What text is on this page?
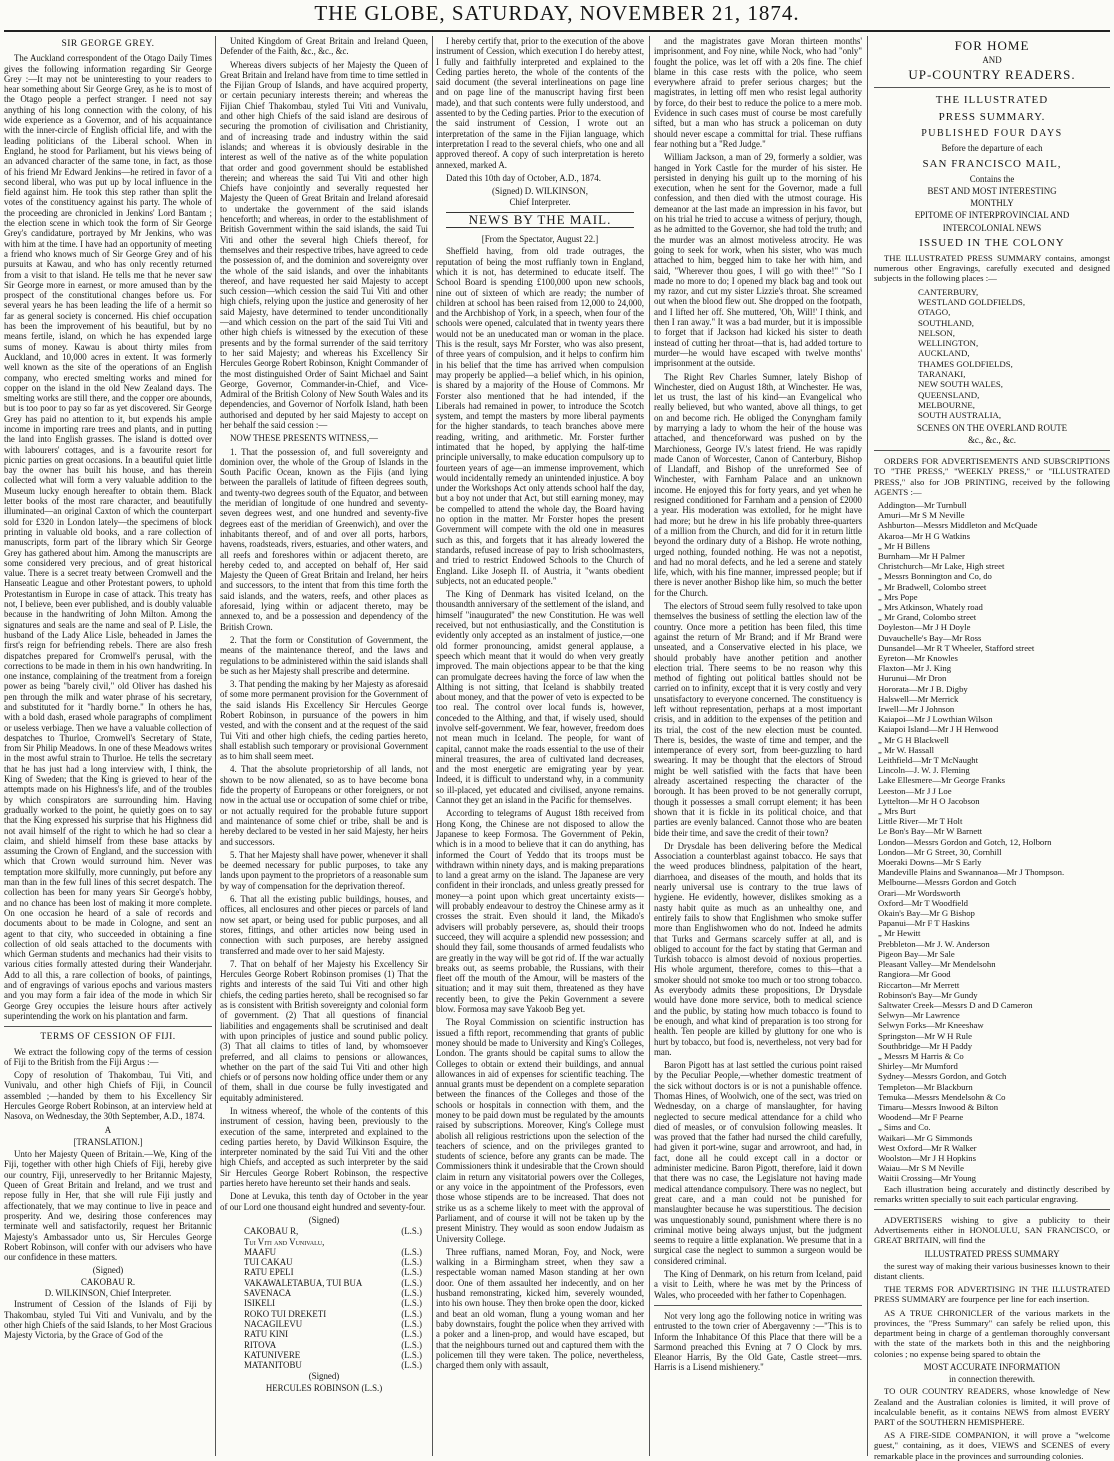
THE GLOBE, SATURDAY, NOVEMBER 21, 1874.
SIR GEORGE GREY.

The Auckland correspondent of the Otago Daily Times gives the following information regarding Sir George Grey :—It may not be uninteresting to your readers to hear something about Sir George Grey, as he is to most of the Otago people a perfect stranger. I need not say anything of his long connection with the colony, of his wide experience as a Governor, and of his acquaintance with the inner-circle of English official life, and with the leading politicians of the Liberal school. When in England, he stood for Parliament, but his views being of an advanced character of the same tone, in fact, as those of his friend Mr Edward Jenkins—he retired in favor of a second liberal, who was put up by local influence in the field against him. He took this step rather than split the votes of the constituency against his party. The whole of the proceeding are chronicled in Jenkins' Lord Bantam ; the election scene in which took the form of Sir George Grey's candidature, portrayed by Mr Jenkins, who was with him at the time. I have had an opportunity of meeting a friend who knows much of Sir George Grey and of his pursuits at Kawau, and who has only recently returned from a visit to that island. He tells me that he never saw Sir George more in earnest, or more amused than by the prospect of the constitutional changes before us. For several years he has been leading the life of a hermit so far as general society is concerned. His chief occupation has been the improvement of his beautiful, but by no means fertile, island, on which he has expended large sums of money. Kawau is about thirty miles from Auckland, and 10,000 acres in extent. It was formerly well known as the site of the operations of an English company, who erected smelting works and mined for copper on the island in the old New Zealand days. The smelting works are still there, and the copper ore abounds, but is too poor to pay so far as yet discovered. Sir George Grey has paid no attention to it, but expends his ample income in importing rare trees and plants, and in putting the land into English grasses. The island is dotted over with labourers' cottages, and is a favourite resort for picnic parties on great occasions. In a beautiful quiet little bay the owner has built his house, and has therein collected what will form a very valuable addition to the Museum lucky enough hereafter to obtain them. Black letter books of the most rare character, and beautifully illuminated—an original Caxton of which the counterpart sold for £320 in London lately—the specimens of block printing in valuable old books, and a rare collection of manuscripts, form part of the library which Sir George Grey has gathered about him. Among the manuscripts are some considered very precious, and of great historical value. There is a secret treaty between Cromwell and the Hanseatic League and other Protestant powers, to uphold Protestantism in Europe in case of attack. This treaty has not, I believe, been ever published, and is doubly valuable because in the handwriting of John Milton. Among the signatures and seals are the name and seal of P. Lisle, the husband of the Lady Alice Lisle, beheaded in James the first's reign for befriending rebels. There are also fresh dispatches prepared for Cromwell's perusal, with the corrections to be made in them in his own handwriting. In one instance, complaining of the treatment from a foreign power as being "barely civil," old Oliver has dashed his pen through the milk and water phrase of his secretary, and substituted for it "hardly borne." In others he has, with a bold dash, erased whole paragraphs of compliment or useless verbiage. Then we have a valuable collection of despatches to Thurloe, Cromwell's Secretary of State, from Sir Philip Meadows. In one of these Meadows writes in the most awful strain to Thurloe. He tells the secretary that he has just had a long interview with, I think, the King of Sweden; that the King is grieved to hear of the attempts made on his Highness's life, and of the troubles by which conspirators are surrounding him. Having gradually worked to the point, he quietly goes on to say that the King expressed his surprise that his Highness did not avail himself of the right to which he had so clear a claim, and shield himself from these base attacks by assuming the Crown of England, and the succession with which that Crown would surround him. Never was temptation more skilfully, more cunningly, put before any man than in the few full lines of this secret despatch. The collection has been for many years Sir George's hobby, and no chance has been lost of making it more complete. On one occasion he heard of a sale of records and documents about to be made in Cologne, and sent an agent to that city, who succeeded in obtaining a fine collection of old seals attached to the documents with which German students and mechanics had their visits to various cities formally attested during their Wanderjahr. Add to all this, a rare collection of books, of paintings, and of engravings of various epochs and various masters and you may form a fair idea of the mode in which Sir George Grey occupies the leisure hours after actively superintending the work on his plantation and farm.

TERMS OF CESSION OF FIJI.

We extract the following copy of the terms of cession of Fiji to the British from the Fiji Argus :—

Copy of resolution of Thakombau, Tui Viti, and Vunivalu, and other high Chiefs of Fiji, in Council assembled ;—handed by them to his Excellency Sir Hercules George Robert Robinson, at an interview held at Nasova, on Wednesday, the 30th September, A.D., 1874.

A

[TRANSLATION.]

Unto her Majesty Queen of Britain.—We, King of the Fiji, together with other high Chiefs of Fiji, hereby give our country, Fiji, unreservedly to her Britannic Majesty, Queen of Great Britain and Ireland, and we trust and repose fully in Her, that she will rule Fiji justly and affectionately, that we may continue to live in peace and prosperity. And we, desiring those conferences may terminate well and satisfactorily, request her Britannic Majesty's Ambassador unto us, Sir Hercules George Robert Robinson, will confer with our advisers who have our confidence in these matters.

(Signed)

CAKOBAU R.

D. WILKINSON, Chief Interpreter.

Instrument of Cession of the Islands of Fiji by Thakombau, styled Tui Viti and Vunivalu, and by the other high Chiefs of the said Islands, to her Most Gracious Majesty Victoria, by the Grace of God of the

United Kingdom of Great Britain and Ireland Queen, Defender of the Faith, &c., &c., &c.

Whereas divers subjects of her Majesty the Queen of Great Britain and Ireland have from time to time settled in the Fijian Group of Islands, and have acquired property, or certain pecuniary interests therein; and whereas the Fijian Chief Thakombau, styled Tui Viti and Vunivalu, and other high Chiefs of the said island are desirous of securing the promotion of civilisation and Christianity, and of increasing trade and industry within the said islands; and whereas it is obviously desirable in the interest as well of the native as of the white population that order and good government should be established therein; and whereas the said Tui Viti and other high Chiefs have conjointly and severally requested her Majesty the Queen of Great Britain and Ireland aforesaid to undertake the government of the said islands henceforth; and whereas, in order to the establishment of British Government within the said islands, the said Tui Viti and other the several high Chiefs thereof, for themselves and their respective tribes, have agreed to cede the possession of, and the dominion and sovereignty over the whole of the said islands, and over the inhabitants thereof, and have requested her said Majesty to accept such cession—which cession the said Tui Viti and other high chiefs, relying upon the justice and generosity of her said Majesty, have determined to tender unconditionally—and which cession on the part of the said Tui Viti and other high chiefs is witnessed by the execution of these presents and by the formal surrender of the said territory to her said Majesty; and whereas his Excellency Sir Hercules George Robert Robinson, Knight Commander of the most distinguished Order of Saint Michael and Saint George, Governor, Commander-in-Chief, and Vice-Admiral of the British Colony of New South Wales and its dependencies, and Governor of Norfolk Island, hath been authorised and deputed by her said Majesty to accept on her behalf the said cession :—

NOW THESE PRESENTS WITNESS,—

1. That the possession of, and full sovereignty and dominion over, the whole of the Group of Islands in the South Pacific Ocean, known as the Fijis (and lying between the parallels of latitude of fifteen degrees south, and twenty-two degrees south of the Equator, and between the meridian of longitude of one hundred and seventy-seven degrees west, and one hundred and seventy-five degrees east of the meridian of Greenwich), and over the inhabitants thereof, and of and over all ports, harbors, havens, roadsteads, rivers, estuaries, and other waters, and all reefs and foreshores within or adjacent thereto, are hereby ceded to, and accepted on behalf of, Her said Majesty the Queen of Great Britain and Ireland, her heirs and successors, to the intent that from this time forth the said islands, and the waters, reefs, and other places as aforesaid, lying within or adjacent thereto, may be annexed to, and be a possession and dependency of the British Crown.

2. That the form or Constitution of Government, the means of the maintenance thereof, and the laws and regulations to be administered within the said islands shall be such as her Majesty shall prescribe and determine.

3. That pending the making by her Majesty as aforesaid of some more permanent provision for the Government of the said islands His Excellency Sir Hercules George Robert Robinson, in pursuance of the powers in him vested, and with the consent and at the request of the said Tui Viti and other high chiefs, the ceding parties hereto, shall establish such temporary or provisional Government as to him shall seem meet.

4. That the absolute proprietorship of all lands, not shown to be now alienated, so as to have become bona fide the property of Europeans or other foreigners, or not now in the actual use or occupation of some chief or tribe, or not actually required for the probable future support and maintenance of some chief or tribe, shall be and is hereby declared to be vested in her said Majesty, her heirs and successors.

5. That her Majesty shall have power, whenever it shall be deemed necessary for public purposes, to take any lands upon payment to the proprietors of a reasonable sum by way of compensation for the deprivation thereof.

6. That all the existing public buildings, houses, and offices, all enclosures and other pieces or parcels of land now set apart, or being used for public purposes, and all stores, fittings, and other articles now being used in connection with such purposes, are hereby assigned transferred and made over to her said Majesty.

7. That on behalf of her Majesty his Excellency Sir Hercules George Robert Robinson promises (1) That the rights and interests of the said Tui Viti and other high chiefs, the ceding parties hereto, shall be recognised so far as is consistent with British sovereignty and colonial form of government. (2) That all questions of financial liabilities and engagements shall be scrutinised and dealt with upon principles of justice and sound public policy. (3) That all claims to titles of land, by whomsoever preferred, and all claims to pensions or allowances, whether on the part of the said Tui Viti and other high chiefs or of persons now holding office under them or any of them, shall in due course be fully investigated and equitably administered.

In witness whereof, the whole of the contents of this instrument of cession, having been, previously to the execution of the same, interpreted and explained to the ceding parties hereto, by David Wilkinson Esquire, the interpreter nominated by the said Tui Viti and the other high Chiefs, and accepted as such interpreter by the said Sir Hercules George Robert Robinson, the respective parties hereto have hereunto set their hands and seals.

Done at Levuka, this tenth day of October in the year of our Lord one thousand eight hundred and seventy-four.

(Signed)

CAKOBAU R,	(L.S.)
Tui Viti and Vunivalu,
MAAFU	(L.S.)
TUI CAKAU	(L.S.)
RATU EPELI	(L.S.)
VAKAWALETABUA, TUI BUA	(L.S.)
SAVENACA	(L.S.)
ISIKELI	(L.S.)
ROKO TUI DREKETI	(L.S.)
NACAGILEVU	(L.S.)
RATU KINI	(L.S.)
RITOVA	(L.S.)
KATUNIVERE	(L.S.)
MATANITOBU	(L.S.)

(Signed)

HERCULES ROBINSON (L.S.)

I hereby certify that, prior to the execution of the above instrument of Cession, which execution I do hereby attest, I fully and faithfully interpreted and explained to the Ceding parties hereto, the whole of the contents of the said document (the several interlineations on page line and on page line of the manuscript having first been made), and that such contents were fully understood, and assented to by the Ceding parties. Prior to the execution of the said instrument of Cession, I wrote out an interpretation of the same in the Fijian language, which interpretation I read to the several chiefs, who one and all approved thereof. A copy of such interpretation is hereto annexed, marked A.

Dated this 10th day of October, A.D., 1874.

(Signed) D. WILKINSON,

Chief Interpreter.

NEWS BY THE MAIL.

[From the Spectator, August 22.]

Sheffield having, from old trade outrages, the reputation of being the most ruffianly town in England, which it is not, has determined to educate itself. The School Board is spending £100,000 upon new schools, nine out of sixteen of which are ready; the number of children at school has been raised from 12,000 to 24,000, and the Archbishop of York, in a speech, when four of the schools were opened, calculated that in twenty years there would not be an uneducated man or woman in the place. This is the result, says Mr Forster, who was also present, of three years of compulsion, and it helps to confirm him in his belief that the time has arrived when compulsion may properly be applied—a belief which, in his opinion, is shared by a majority of the House of Commons. Mr Forster also mentioned that he had intended, if the Liberals had remained in power, to introduce the Scotch system, and tempt the masters by more liberal payments for the higher standards, to teach branches above mere reading, writing, and arithmetic. Mr. Forster further intimated that he hoped, by applying the half-time principle universally, to make education compulsory up to fourteen years of age—an immense improvement, which would incidentally remedy an unintended injustice. A boy under the Workshops Act only attends school half the day, but a boy not under that Act, but still earning money, may be compelled to attend the whole day, the Board having no option in the matter. Mr Forster hopes the present Government will compete with the old one in measures such as this, and forgets that it has already lowered the standards, refused increase of pay to Irish schoolmasters, and tried to restrict Endowed Schools to the Church of England. Like Joseph II. of Austria, it "wants obedient subjects, not an educated people."

The King of Denmark has visited Iceland, on the thousandth anniversary of the settlement of the island, and himself "inaugurated" the new Constitution. He was well received, but not enthusiastically, and the Constitution is evidently only accepted as an instalment of justice,—one old former pronouncing, amidst general applause, a speech which meant that it would do when very greatly improved. The main objections appear to be that the king can promulgate decrees having the force of law when the Althing is not sitting, that Iceland is shabbily treated about money, and that the power of veto is expected to be too real. The control over local funds is, however, conceded to the Althing, and that, if wisely used, should involve self-government. We fear, however, freedom does not mean much in Iceland. The people, for want of capital, cannot make the roads essential to the use of their mineral treasures, the area of cultivated land decreases, and the most energetic are emigrating year by year. Indeed, it is difficult to understand why, in a community so ill-placed, yet educated and civilised, anyone remains. Cannot they get an island in the Pacific for themselves.

According to telegrams of August 18th received from Hong Kong, the Chinese are not disposed to allow the Japanese to keep Formosa. The Government of Pekin, which is in a mood to believe that it can do anything, has informed the Court of Yeddo that its troops must be withdrawn within ninety days, and is making preparations to land a great army on the island. The Japanese are very confident in their ironclads, and unless greatly pressed for money—a point upon which great uncertainty exists—will probably endeavour to destroy the Chinese army as it crosses the strait. Even should it land, the Mikado's advisers will probably persevere, as, should their troops succeed, they will acquire a splendid new possession; and should they fail, some thousands of armed feudalists who are greatly in the way will be got rid of. If the war actually breaks out, as seems probable, the Russians, with their fleet off the mouth of the Amour, will be masters of the situation; and it may suit them, threatened as they have recently been, to give the Pekin Government a severe blow. Formosa may save Yakoob Beg yet.

The Royal Commission on scientific instruction has issued a fifth report, recommending that grants of public money should be made to University and King's Colleges, London. The grants should be capital sums to allow the Colleges to obtain or extend their buildings, and annual allowances in aid of expenses for scientific teaching. The annual grants must be dependent on a complete separation between the finances of the Colleges and those of the schools or hospitals in connection with them, and the money to be paid down must be regulated by the amounts raised by subscriptions. Moreover, King's College must abolish all religious restrictions upon the selection of the teachers of science, and on the privileges granted to students of science, before any grants can be made. The Commissioners think it undesirable that the Crown should claim in return any visitatorial powers over the Colleges, or any voice in the appointment of the Professors, even those whose stipends are to be increased. That does not strike us as a scheme likely to meet with the approval of Parliament, and of course it will not be taken up by the present Ministry. They would as soon endow Judaism as University College.

Three ruffians, named Moran, Foy, and Nock, were walking in a Birmingham street, when they saw a respectable woman named Mason standing at her own door. One of them assaulted her indecently, and on her husband remonstrating, kicked him, severely wounded, into his own house. They then broke open the door, kicked and beat an old woman, flung a young woman and her baby downstairs, fought the police when they arrived with a poker and a linen-prop, and would have escaped, but that the neighbours turned out and captured them with the policemen till they were taken. The police, nevertheless, charged them only with assault,

and the magistrates gave Moran thirteen months' imprisonment, and Foy nine, while Nock, who had "only" fought the police, was let off with a 20s fine. The chief blame in this case rests with the police, who seem everywhere afraid to prefer serious charges; but the magistrates, in letting off men who resist legal authority by force, do their best to reduce the police to a mere mob. Evidence in such cases must of course be most carefully sifted, but a man who has struck a policeman on duty should never escape a committal for trial. These ruffians fear nothing but a "Red Judge."

William Jackson, a man of 29, formerly a soldier, was hanged in York Castle for the murder of his sister. He persisted in denying his guilt up to the morning of his execution, when he sent for the Governor, made a full confession, and then died with the utmost courage. His demeanor at the last made an impression in his favor, but on his trial he tried to accuse a witness of perjury, though, as he admitted to the Governor, she had told the truth; and the murder was an almost motiveless atrocity. He was going to seek for work, when his sister, who was much attached to him, begged him to take her with him, and said, "Wherever thou goes, I will go with thee!" "So I made no more to do; I opened my black bag and took out my razor, and cut my sister Lizzie's throat. She screamed out when the blood flew out. She dropped on the footpath, and I lifted her off. She muttered, 'Oh, Will!' I think, and then I ran away." It was a bad murder, but it is impossible to forget that if Jackson had kicked his sister to death instead of cutting her throat—that is, had added torture to murder—he would have escaped with twelve months' imprisonment at the outside.

The Right Rev Charles Sumner, lately Bishop of Winchester, died on August 18th, at Winchester. He was, let us trust, the last of his kind—an Evangelical who really believed, but who wanted, above all things, to get on and become rich. He obliged the Conyngham family by marrying a lady to whom the heir of the house was attached, and thenceforward was pushed on by the Marchioness, George IV.'s latest friend. He was rapidly made Canon of Worcester, Canon of Canterbury, Bishop of Llandaff, and Bishop of the unreformed See of Winchester, with Farnham Palace and an unknown income. He enjoyed this for forty years, and yet when he resigned conditioned for Farnham and a pension of £2000 a year. His moderation was extolled, for he might have had more; but he drew in his life probably three-quarters of a million from the Church, and did for it in return little beyond the ordinary duty of a Bishop. He wrote nothing, urged nothing, founded nothing. He was not a nepotist, and had no moral defects, and he led a serene and stately life, which, with his fine manner, impressed people; but if there is never another Bishop like him, so much the better for the Church.

The electors of Stroud seem fully resolved to take upon themselves the business of settling the election law of the country. Once more a petition has been filed, this time against the return of Mr Brand; and if Mr Brand were unseated, and a Conservative elected in his place, we should probably have another petition and another election trial. There seems to be no reason why this method of fighting out political battles should not be carried on to infinity, except that it is very costly and very unsatisfactory to everyone concerned. The constituency is left without representation, perhaps at a most important crisis, and in addition to the expenses of the petition and its trial, the cost of the new election must be counted. There is, besides, the waste of time and temper, and the intemperance of every sort, from beer-guzzling to hard swearing. It may be thought that the electors of Stroud might be well satisfied with the facts that have been already ascertained respecting the character of the borough. It has been proved to be not generally corrupt, though it possesses a small corrupt element; it has been shown that it is fickle in its political choice, and that parties are evenly balanced. Cannot those who are beaten bide their time, and save the credit of their town?

Dr Drysdale has been delivering before the Medical Association a counterblast against tobacco. He says that the weed produces blindness, palpitation of the heart, diarrhoea, and diseases of the mouth, and holds that its nearly universal use is contrary to the true laws of hygiene. He evidently, however, dislikes smoking as a nasty habit quite as much as an unhealthy one, and entirely fails to show that Englishmen who smoke suffer more than Englishwomen who do not. Indeed he admits that Turks and Germans scarcely suffer at all, and is obliged to account for the fact by stating that German and Turkish tobacco is almost devoid of noxious properties. His whole argument, therefore, comes to this—that a smoker should not smoke too much or too strong tobacco. As everybody admits these propositions, Dr Drysdale would have done more service, both to medical science and the public, by stating how much tobacco is found to be enough, and what kind of preparation is too strong for health. Ten people are killed by gluttony for one who is hurt by tobacco, but food is, nevertheless, not very bad for man.

Baron Pigott has at last settled the curious point raised by the Peculiar People,—whether domestic treatment of the sick without doctors is or is not a punishable offence. Thomas Hines, of Woolwich, one of the sect, was tried on Wednesday, on a charge of manslaughter, for having neglected to secure medical attendance for a child who died of measles, or of convulsion following measles. It was proved that the father had nursed the child carefully, had given it port-wine, sugar and arrowroot, and had, in fact, done all he could except call in a doctor or administer medicine. Baron Pigott, therefore, laid it down that there was no case, the Legislature not having made medical attendance compulsory. There was no neglect, but great care, and a man could not be punished for manslaughter because he was superstitious. The decision was unquestionably sound, punishment where there is no criminal motive being always unjust, but the judgment seems to require a little explanation. We presume that in a surgical case the neglect to summon a surgeon would be considered criminal.

The King of Denmark, on his return from Iceland, paid a visit to Leith, where he was met by the Princess of Wales, who proceeded with her father to Copenhagen.

Not very long ago the following notice in writing was entrusted to the town crier of Abergavenny :—"This is to Inform the Inhabitance Of this Place that there will be a Sarmond preached this Evning at 7 O Clock by mrs. Eleanor Harris, By the Old Gate, Castle street—mrs. Harris is a Lisend mishienery."

FOR HOME
AND
UP-COUNTRY READERS.
THE ILLUSTRATED
PRESS SUMMARY.
PUBLISHED FOUR DAYS

Before the departure of each

SAN FRANCISCO MAIL,

Contains the

BEST AND MOST INTERESTING

MONTHLY

EPITOME OF INTERPROVINCIAL AND

INTERCOLONIAL NEWS

ISSUED IN THE COLONY

THE ILLUSTRATED PRESS SUMMARY contains, amongst numerous other Engravings, carefully executed and designed subjects in the following places :—

CANTERBURY,
WESTLAND GOLDFIELDS,
OTAGO,
SOUTHLAND,
NELSON,
WELLINGTON,
AUCKLAND,
THAMES GOLDFIELDS,
TARANAKI,
NEW SOUTH WALES,
QUEENSLAND,
MELBOURNE,
SOUTH AUSTRALIA,

SCENES ON THE OVERLAND ROUTE

&c., &c., &c.

ORDERS FOR ADVERTISEMENTS AND SUBSCRIPTIONS TO "THE PRESS," "WEEKLY PRESS," or "ILLUSTRATED PRESS," also for JOB PRINTING, received by the following AGENTS :—

Addington—Mr Turnbull

Amuri—Mr S M Neville

Ashburton—Messrs Middleton and McQuade

Akaroa—Mr H G Watkins

„ Mr H Billens

Burnham—Mr H Palmer

Christchurch—Mr Lake, High street

„ Messrs Bonnington and Co, do

„ Mr Bradwell, Colombo street

„ Mrs Pope

„ Mrs Atkinson, Whately road

„ Mr Grand, Colombo street

Doyleston—Mr J H Doyle

Duvauchelle's Bay—Mr Ross

Dunsandel—Mr R T Wheeler, Stafford street

Eyreton—Mr Knowles

Flaxton—Mr J. King

Hurunui—Mr Dron

Hororata—Mr J B. Digby

Halswell—Mr Merrick

Irwell—Mr J Johnson

Kaiapoi—Mr J Lowthian Wilson

Kaiapoi Island—Mr J H Henwood

„ Mr G H Blackwell

„ Mr W. Hassall

Leithfield—Mr T McNaught

Lincoln—J. W. J. Fleming

Lake Ellesmere—Mr George Franks

Leeston—Mr J J Loe

Lyttelton—Mr H O Jacobson

„ Mrs Burt

Little River—Mr T Holt

Le Bon's Bay—Mr W Barnett

London—Messrs Gordon and Gotch, 12, Holborn

London—Mr G Street, 30, Cornhill

Moeraki Downs—Mr S Early

Mandeville Plains and Swannanoa—Mr J Thompson.

Melbourne—Messrs Gordon and Gotch

Orari—Mr Wordsworth

Oxford—Mr T Woodfield

Okain's Bay—Mr G Bishop

Papanui—Mr F T Haskins

„ Mr Hewitt

Prebbleton—Mr J. W. Anderson

Pigeon Bay—Mr Sale

Pleasant Valley—Mr Mendelsohn

Rangiora—Mr Good

Riccarton—Mr Merrett

Robinson's Bay—Mr Gundy

Saltwater Creek—Messrs D and D Cameron

Selwyn—Mr Lawrence

Selwyn Forks—Mr Kneeshaw

Springston—Mr W H Rule

Southbridge—Mr H Paddy

„ Messrs M Harris & Co

Shirley—Mr Mumford

Sydney—Messrs Gordon, and Gotch

Templeton—Mr Blackburn

Temuka—Messrs Mendelsohn & Co

Timaru—Messrs Inwood & Bilton

Woodend—Mr F Pearne

„ Sims and Co.

Waikari—Mr G Simmonds

West Oxford—Mr R Walker

Woolston—Mr J H Hopkins

Waiau—Mr S M Neville

Waitii Crossing—Mr Young

Each illustration being accurately and distinctly described by remarks written specially to suit each particular engraving.

ADVERTISERS wishing to give a publicity to their Advertisements either in HONOLULU, SAN FRANCISCO, or GREAT BRITAIN, will find the

ILLUSTRATED PRESS SUMMARY

the surest way of making their various businesses known to their distant clients.

THE TERMS FOR ADVERTISING IN THE ILLUSTRATED PRESS SUMMARY are fourpence per line for each insertion.

AS A TRUE CHRONICLER of the various markets in the provinces, the "Press Summary" can safely be relied upon, this department being in charge of a gentleman thoroughly conversant with the state of the markets both in this and the neighboring colonies ; no expense being spared to obtain the

MOST ACCURATE INFORMATION

in connection therewith.

TO OUR COUNTRY READERS, whose knowledge of New Zealand and the Australian colonies is limited, it will prove of incalculable benefit, as it contains NEWS from almost EVERY PART of the SOUTHERN HEMISPHERE.

AS A FIRE-SIDE COMPANION, it will prove a "welcome guest," containing, as it does, VIEWS and SCENES of every remarkable place in the provinces and surrounding colonies.
